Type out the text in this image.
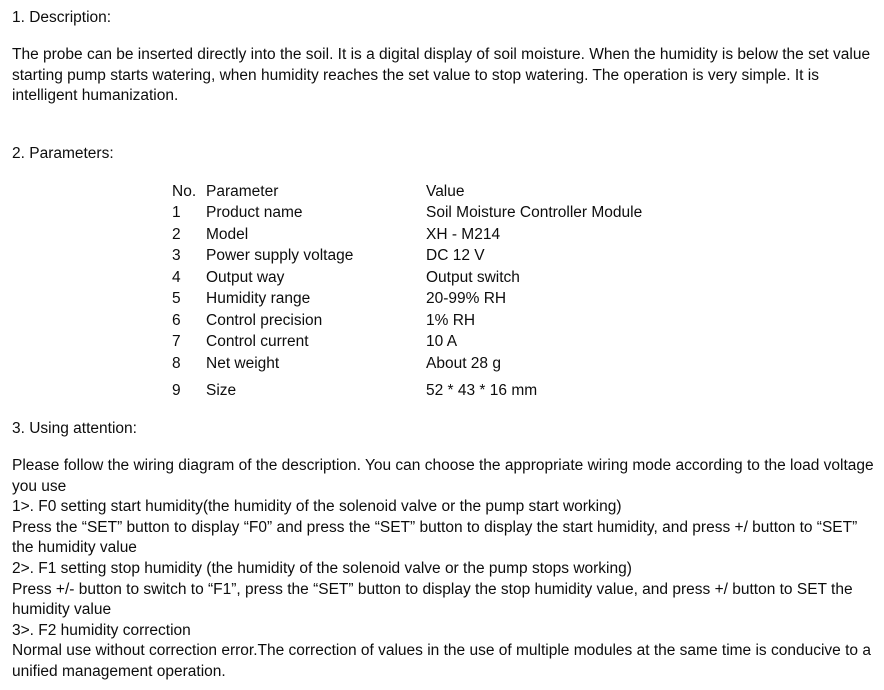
1. Description:
The probe can be inserted directly into the soil. It is a digital display of soil moisture. When the humidity is below the set value starting pump starts watering, when humidity reaches the set value to stop watering. The operation is very simple. It is intelligent humanization.
2. Parameters:
No.	Parameter	Value
1	Product name	Soil Moisture Controller Module
2	Model	XH - M214
3	Power supply voltage	DC 12 V
4	Output way	Output switch
5	Humidity range	20-99% RH
6	Control precision	1% RH
7	Control current	10 A
8	Net weight	About 28 g
9	Size	52 * 43 * 16 mm
3. Using attention:

Please follow the wiring diagram of the description. You can choose the appropriate wiring mode according to the load voltage you use

1>. F0 setting start humidity(the humidity of the solenoid valve or the pump start working)

Press the “SET” button to display “F0” and press the “SET” button to display the start humidity, and press +/ button to “SET” the humidity value

2>. F1 setting stop humidity (the humidity of the solenoid valve or the pump stops working)

Press +/- button to switch to “F1”, press the “SET” button to display the stop humidity value, and press +/ button to SET the humidity value

3>. F2 humidity correction

Normal use without correction error.The correction of values in the use of multiple modules at the same time is conducive to a unified management operation.
